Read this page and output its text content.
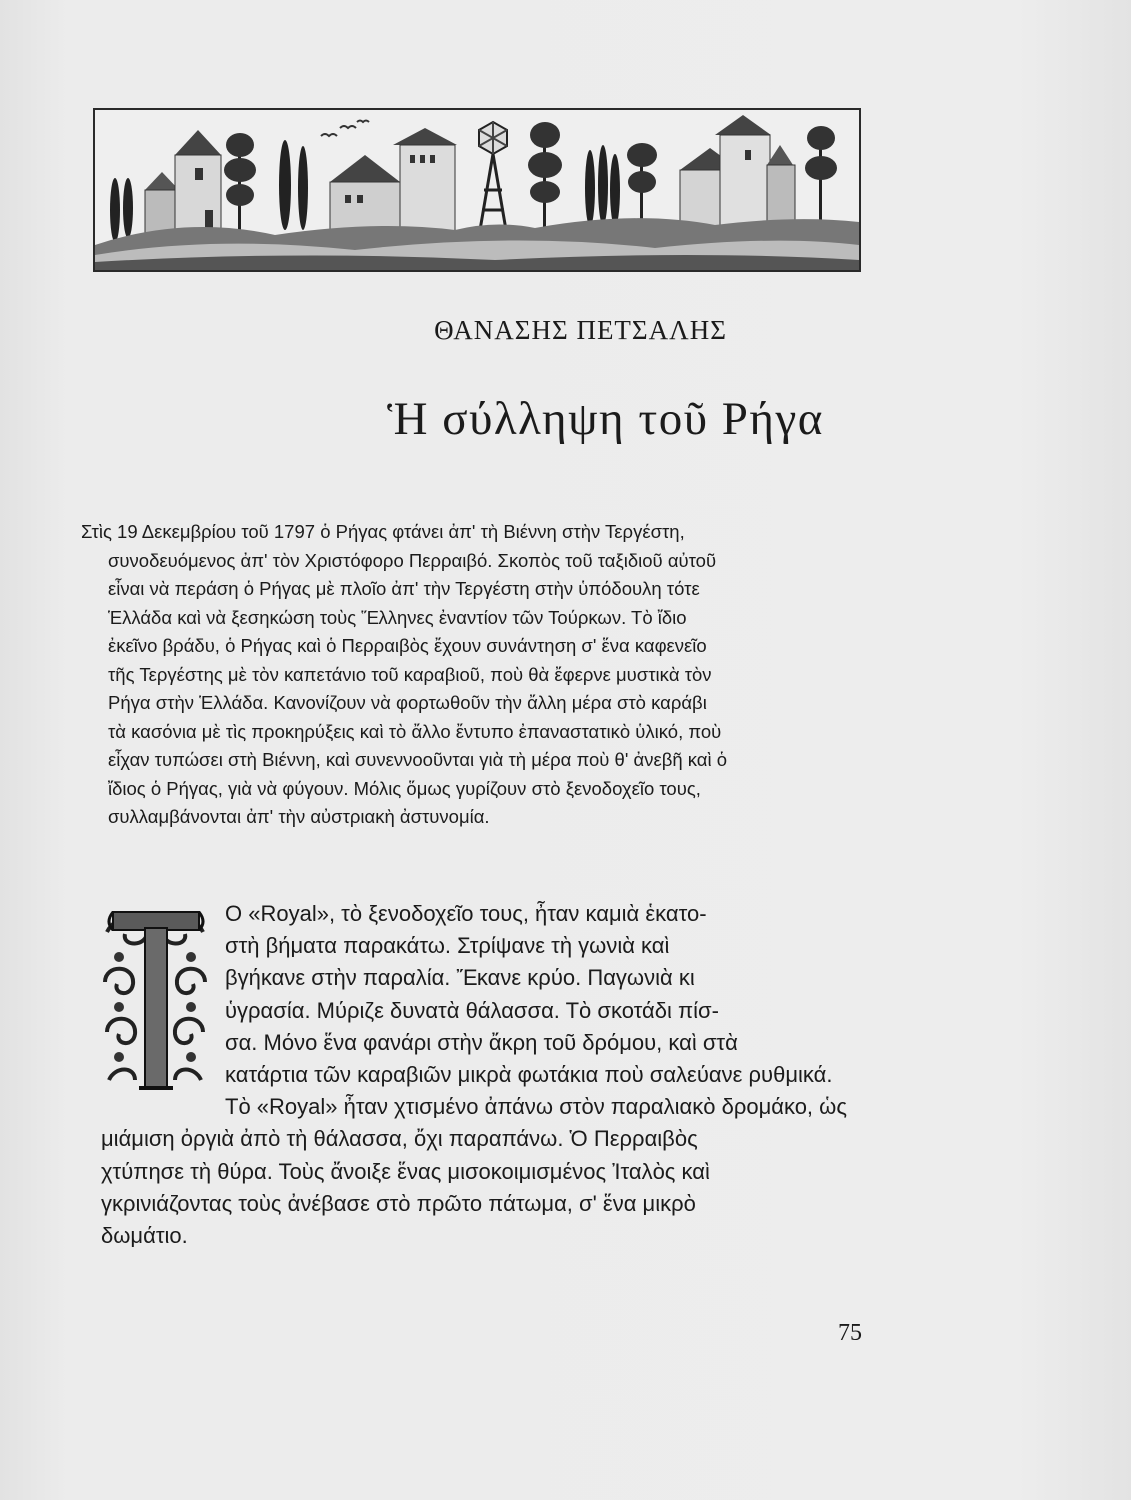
ΘΑΝΑΣΗΣ ΠΕΤΣΑΛΗΣ
Ἡ σύλληψη τοῦ Ρήγα

Στὶς 19 Δεκεμβρίου τοῦ 1797 ὁ Ρήγας φτάνει ἀπ' τὴ Βιέννη στὴν Τεργέστη,
συνοδευόμενος ἀπ' τὸν Χριστόφορο Περραιβό. Σκοπὸς τοῦ ταξιδιοῦ αὐτοῦ
εἶναι νὰ περάση ὁ Ρήγας μὲ πλοῖο ἀπ' τὴν Τεργέστη στὴν ὑπόδουλη τότε
Ἑλλάδα καὶ νὰ ξεσηκώση τοὺς Ἕλληνες ἐναντίον τῶν Τούρκων. Τὸ ἴδιο
ἐκεῖνο βράδυ, ὁ Ρήγας καὶ ὁ Περραιβὸς ἔχουν συνάντηση σ' ἕνα καφενεῖο
τῆς Τεργέστης μὲ τὸν καπετάνιο τοῦ καραβιοῦ, ποὺ θὰ ἔφερνε μυστικὰ τὸν
Ρήγα στὴν Ἑλλάδα. Κανονίζουν νὰ φορτωθοῦν τὴν ἄλλη μέρα στὸ καράβι
τὰ κασόνια μὲ τὶς προκηρύξεις καὶ τὸ ἄλλο ἔντυπο ἐπαναστατικὸ ὑλικό, ποὺ
εἶχαν τυπώσει στὴ Βιέννη, καὶ συνεννοοῦνται γιὰ τὴ μέρα ποὺ θ' ἀνεβῆ καὶ ὁ
ἴδιος ὁ Ρήγας, γιὰ νὰ φύγουν. Μόλις ὅμως γυρίζουν στὸ ξενοδοχεῖο τους,
συλλαμβάνονται ἀπ' τὴν αὐστριακὴ ἀστυνομία.

Ο «Royal», τὸ ξενοδοχεῖο τους, ἦταν καμιὰ ἑκατο-
στὴ βήματα παρακάτω. Στρίψανε τὴ γωνιὰ καὶ
βγήκανε στὴν παραλία. Ἔκανε κρύο. Παγωνιὰ κι
ὑγρασία. Μύριζε δυνατὰ θάλασσα. Τὸ σκοτάδι πίσ-
σα. Μόνο ἕνα φανάρι στὴν ἄκρη τοῦ δρόμου, καὶ στὰ
κατάρτια τῶν καραβιῶν μικρὰ φωτάκια ποὺ σαλεύανε ρυθμικά.
Τὸ «Royal» ἦταν χτισμένο ἀπάνω στὸν παραλιακὸ δρομάκο, ὡς
μιάμιση ὀργιὰ ἀπὸ τὴ θάλασσα, ὄχι παραπάνω. Ὁ Περραιβὸς
χτύπησε τὴ θύρα. Τοὺς ἄνοιξε ἕνας μισοκοιμισμένος Ἰταλὸς καὶ
γκρινιάζοντας τοὺς ἀνέβασε στὸ πρῶτο πάτωμα, σ' ἕνα μικρὸ
δωμάτιο.
75
